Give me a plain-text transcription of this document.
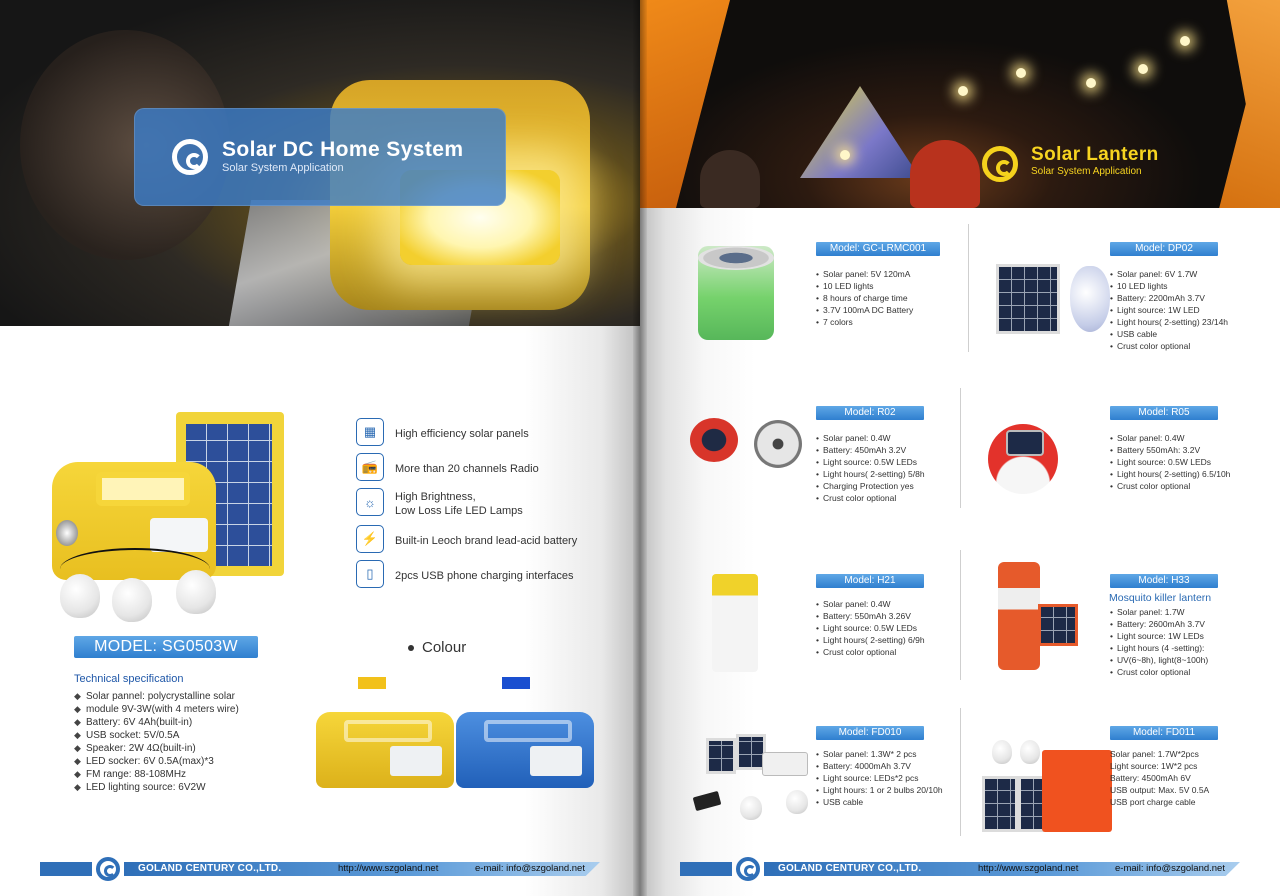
Solar DC Home System
Solar System Application
MODEL: SG0503W
Technical specification
◆ Solar pannel: polycrystalline solar
◆ module 9V-3W(with 4 meters wire)
◆ Battery: 6V 4Ah(built-in)
◆ USB socket: 5V/0.5A
◆ Speaker: 2W 4Ω(built-in)
◆ LED socker: 6V 0.5A(max)*3
◆ FM range: 88-108MHz
◆ LED lighting source: 6V2W
▦	High efficiency solar panels
📻	More than 20 channels Radio
☼	High Brightness,
Low Loss Life LED Lamps
⚡	Built-in Leoch brand lead-acid battery
▯	2pcs USB phone charging interfaces
Colour
GOLAND CENTURY CO.,LTD.	http://www.szgoland.net	e-mail: info@szgoland.net
Solar Lantern
Solar System Application
Model: GC-LRMC001
• Solar panel: 5V 120mA
• 10 LED lights
• 8 hours of charge time
• 3.7V 100mA DC Battery
• 7 colors
Model: DP02
• Solar panel: 6V 1.7W
• 10 LED lights
• Battery: 2200mAh 3.7V
• Light source: 1W LED
• Light hours( 2-setting) 23/14h
• USB cable
• Crust color optional
Model: R02
• Solar panel: 0.4W
• Battery: 450mAh 3.2V
• Light source: 0.5W LEDs
• Light hours( 2-setting) 5/8h
• Charging Protection yes
• Crust color optional
Model: R05
• Solar panel: 0.4W
• Battery 550mAh: 3.2V
• Light source: 0.5W LEDs
• Light hours( 2-setting) 6.5/10h
• Crust color optional
Model: H21
• Solar panel: 0.4W
• Battery: 550mAh 3.26V
• Light source: 0.5W LEDs
• Light hours( 2-setting) 6/9h
• Crust color optional
Model: H33
Mosquito killer lantern
• Solar panel: 1.7W
• Battery: 2600mAh 3.7V
• Light source: 1W LEDs
• Light hours (4 -setting):
• UV(6~8h), light(8~100h)
• Crust color optional
Model: FD010
• Solar panel: 1.3W* 2 pcs
• Battery: 4000mAh 3.7V
• Light source: LEDs*2 pcs
• Light hours: 1 or 2 bulbs 20/10h
• USB cable
Model: FD011
Solar panel: 1.7W*2pcs
Light source: 1W*2 pcs
Battery: 4500mAh 6V
USB output: Max. 5V 0.5A
USB port charge cable
GOLAND CENTURY CO.,LTD.	http://www.szgoland.net	e-mail: info@szgoland.net
